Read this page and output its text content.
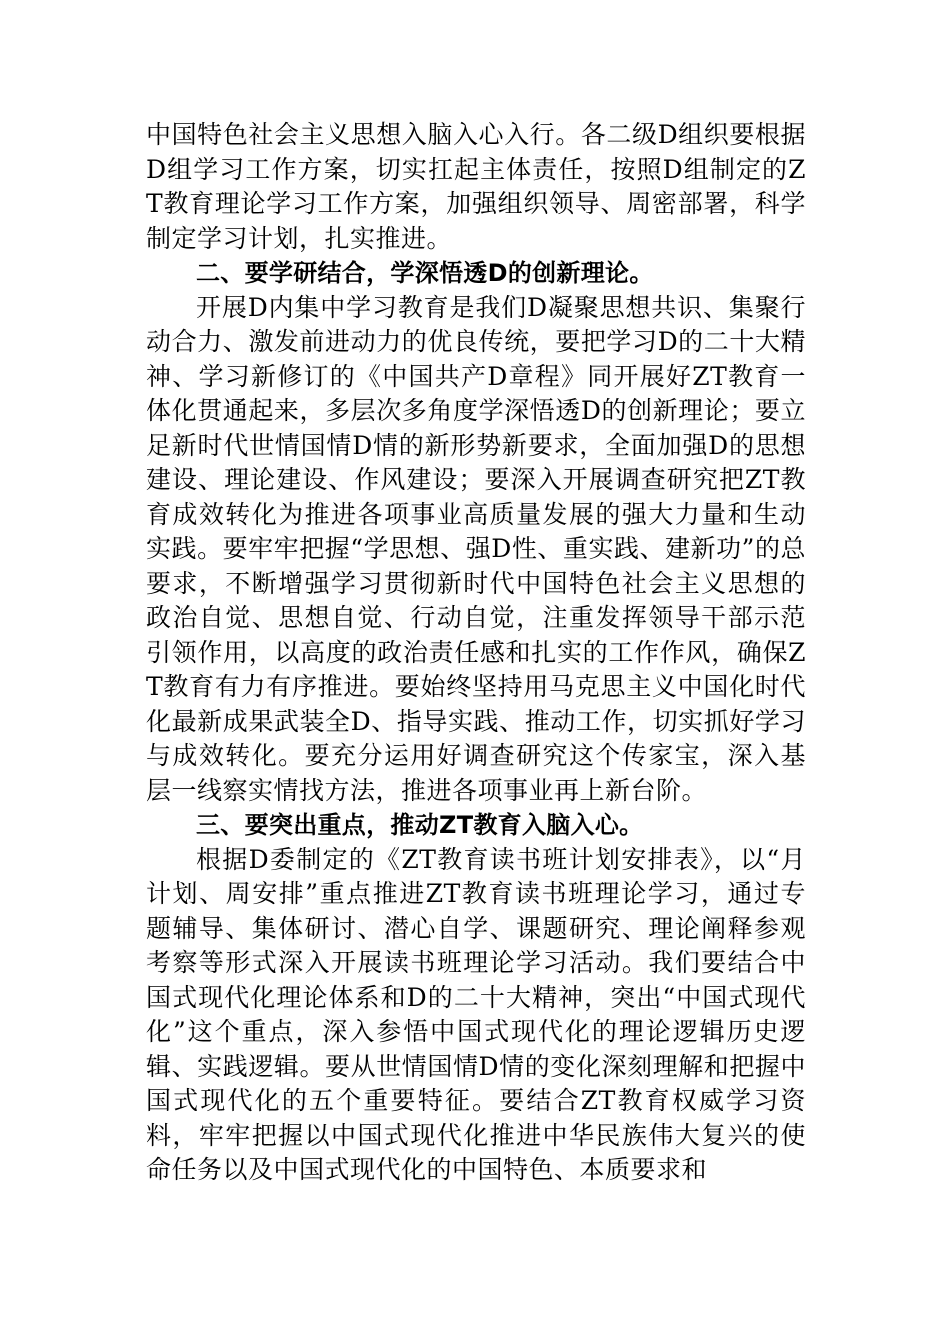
中国特色社会主义思想入脑入心入行。各二级D组织要根据D组学习工作方案，切实扛起主体责任，按照D组制定的ZT教育理论学习工作方案，加强组织领导、周密部署，科学制定学习计划，扎实推进。

二、要学研结合，学深悟透D的创新理论。

开展D内集中学习教育是我们D凝聚思想共识、集聚行动合力、激发前进动力的优良传统，要把学习D的二十大精神、学习新修订的《中国共产D章程》同开展好ZT教育一体化贯通起来，多层次多角度学深悟透D的创新理论；要立足新时代世情国情D情的新形势新要求，全面加强D的思想建设、理论建设、作风建设；要深入开展调查研究把ZT教育成效转化为推进各项事业高质量发展的强大力量和生动实践。要牢牢把握“学思想、强D性、重实践、建新功”的总要求，不断增强学习贯彻新时代中国特色社会主义思想的政治自觉、思想自觉、行动自觉，注重发挥领导干部示范引领作用，以高度的政治责任感和扎实的工作作风，确保ZT教育有力有序推进。要始终坚持用马克思主义中国化时代化最新成果武装全D、指导实践、推动工作，切实抓好学习与成效转化。要充分运用好调查研究这个传家宝，深入基层一线察实情找方法，推进各项事业再上新台阶。

三、要突出重点，推动ZT教育入脑入心。

根据D委制定的《ZT教育读书班计划安排表》，以“月计划、周安排”重点推进ZT教育读书班理论学习，通过专题辅导、集体研讨、潜心自学、课题研究、理论阐释参观考察等形式深入开展读书班理论学习活动。我们要结合中国式现代化理论体系和D的二十大精神，突出“中国式现代化”这个重点，深入参悟中国式现代化的理论逻辑历史逻辑、实践逻辑。要从世情国情D情的变化深刻理解和把握中国式现代化的五个重要特征。要结合ZT教育权威学习资料，牢牢把握以中国式现代化推进中华民族伟大复兴的使命任务以及中国式现代化的中国特色、本质要求和
